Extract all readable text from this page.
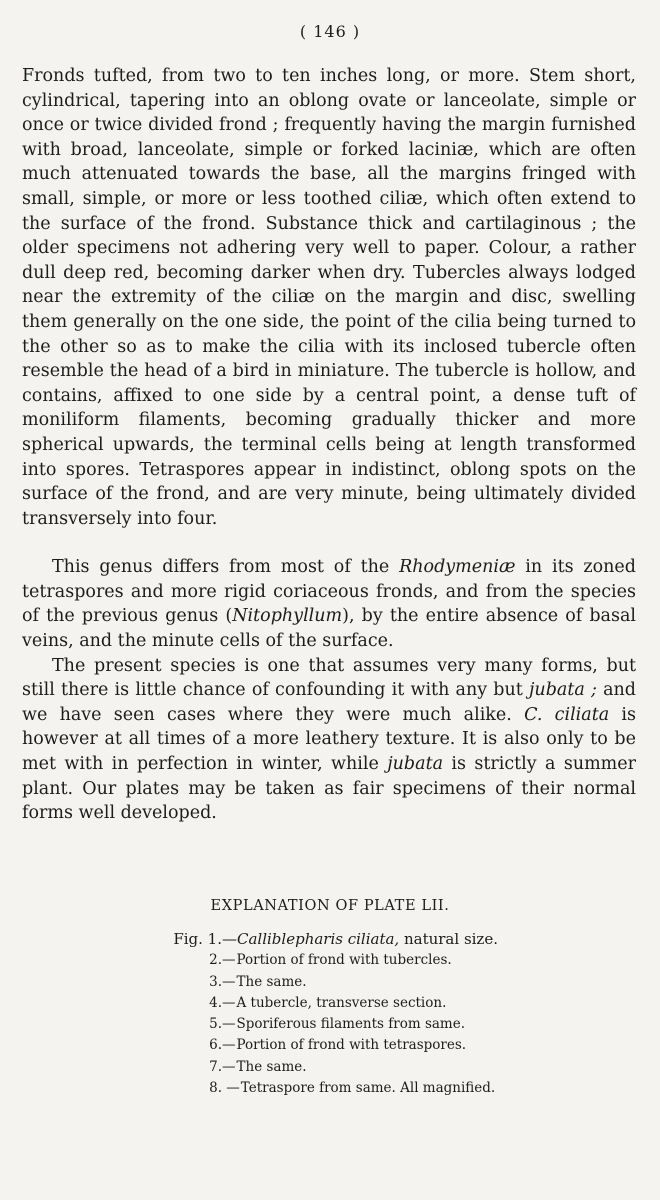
( 146 )

Fronds tufted, from two to ten inches long, or more. Stem short, cylindrical, tapering into an oblong ovate or lanceolate, simple or once or twice divided frond ; frequently having the margin furnished with broad, lanceolate, simple or forked laciniæ, which are often much attenuated towards the base, all the margins fringed with small, simple, or more or less toothed ciliæ, which often extend to the surface of the frond. Substance thick and cartilaginous ; the older specimens not adhering very well to paper. Colour, a rather dull deep red, becoming darker when dry. Tubercles always lodged near the extremity of the ciliæ on the margin and disc, swelling them generally on the one side, the point of the cilia being turned to the other so as to make the cilia with its inclosed tubercle often resemble the head of a bird in miniature. The tubercle is hollow, and contains, affixed to one side by a central point, a dense tuft of moniliform filaments, becoming gradually thicker and more spherical upwards, the terminal cells being at length transformed into spores. Tetraspores appear in indistinct, oblong spots on the surface of the frond, and are very minute, being ultimately divided transversely into four.

This genus differs from most of the Rhodymeniæ in its zoned tetraspores and more rigid coriaceous fronds, and from the species of the previous genus (Nitophyllum), by the entire absence of basal veins, and the minute cells of the surface.

The present species is one that assumes very many forms, but still there is little chance of confounding it with any but jubata ; and we have seen cases where they were much alike. C. ciliata is however at all times of a more leathery texture. It is also only to be met with in perfection in winter, while jubata is strictly a summer plant. Our plates may be taken as fair specimens of their normal forms well developed.

EXPLANATION OF PLATE LII.
Fig. 1.—Calliblepharis ciliata, natural size.
2.—Portion of frond with tubercles.
3.—The same.
4.—A tubercle, transverse section.
5.—Sporiferous filaments from same.
6.—Portion of frond with tetraspores.
7.—The same.
8. —Tetraspore from same. All magnified.
